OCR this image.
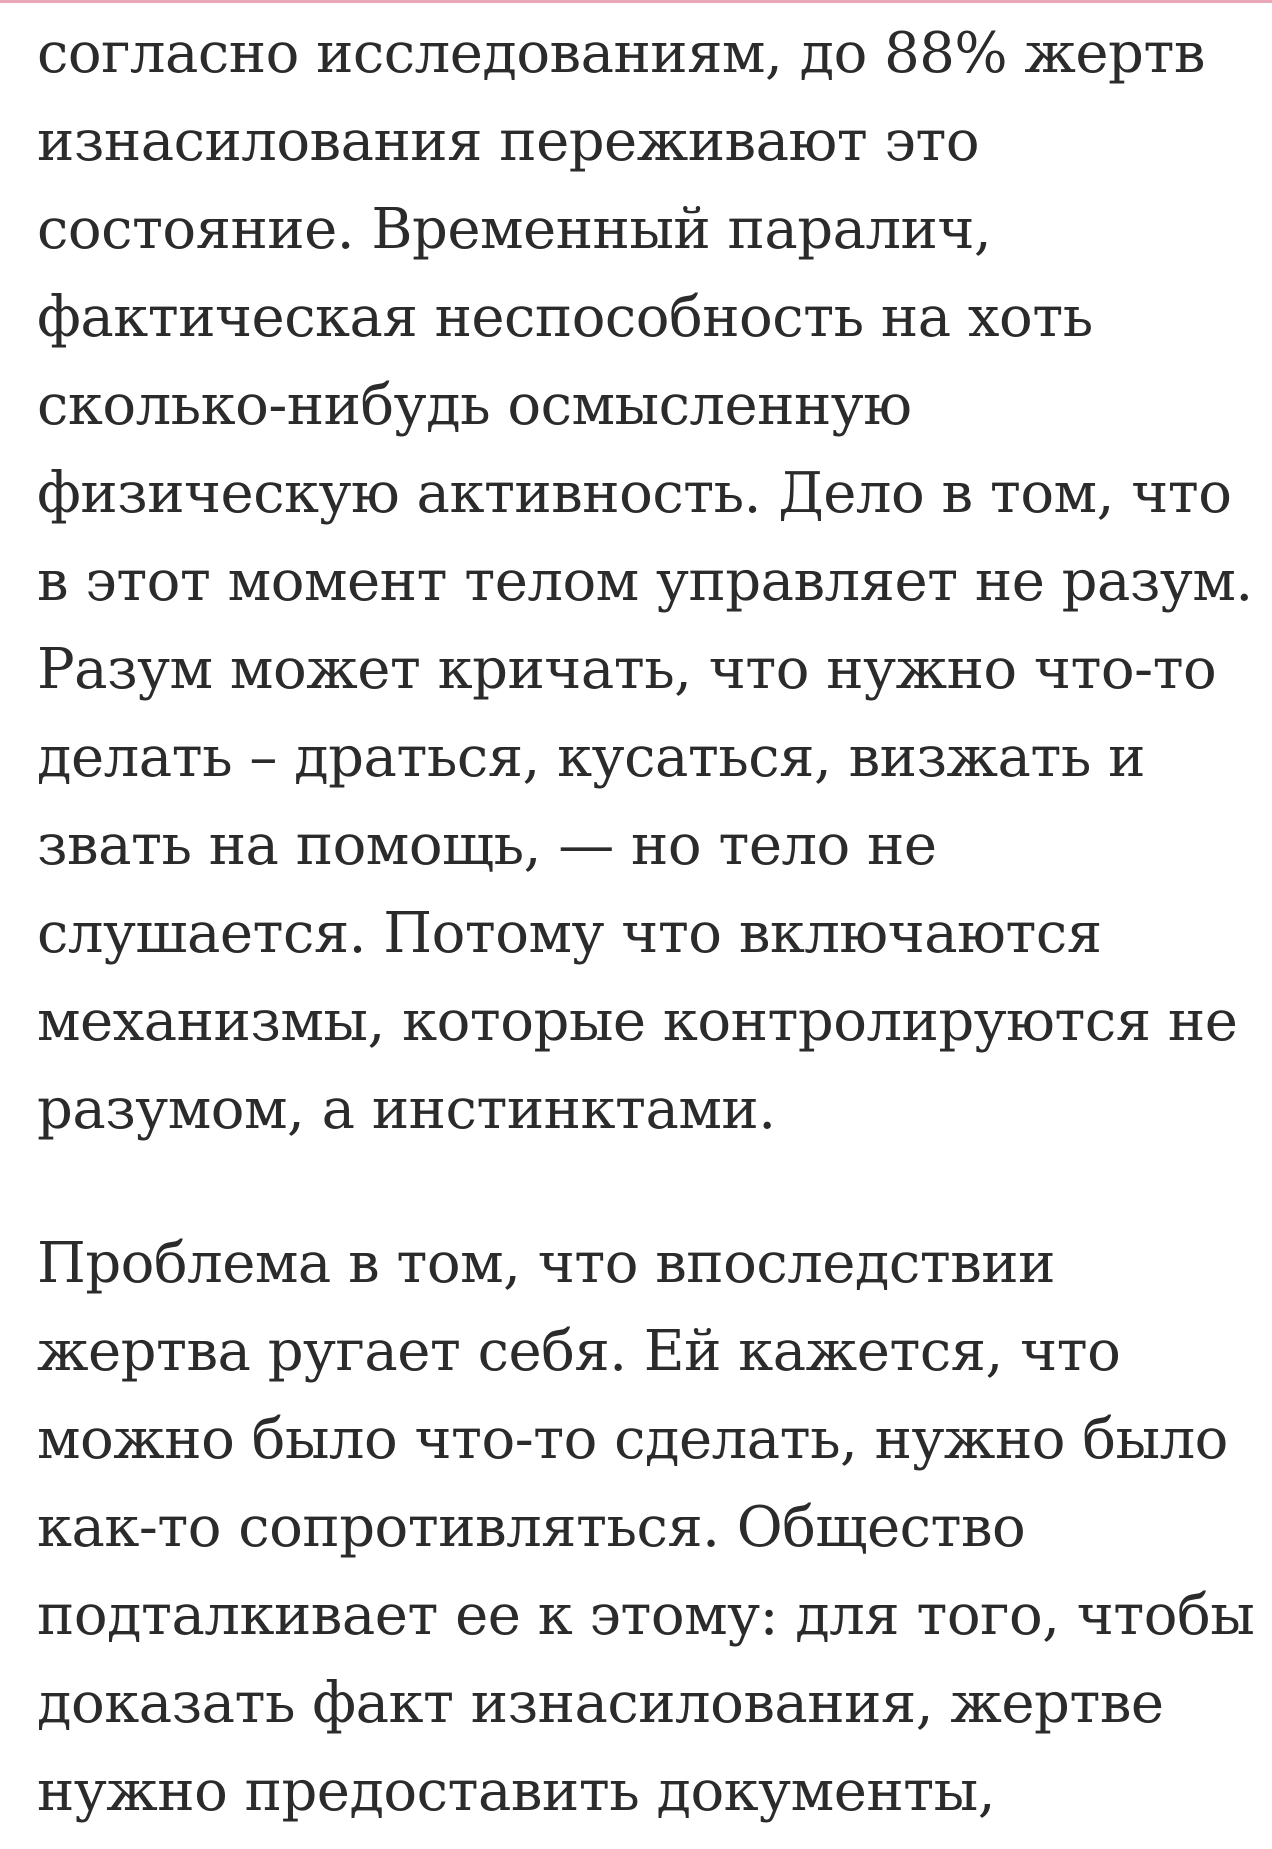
согласно исследованиям, до 88% жертв
изнасилования переживают это
состояние. Временный паралич,
фактическая неспособность на хоть
сколько-нибудь осмысленную
физическую активность. Дело в том, что
в этот момент телом управляет не разум.
Разум может кричать, что нужно что-то
делать – драться, кусаться, визжать и
звать на помощь, — но тело не
слушается. Потому что включаются
механизмы, которые контролируются не
разумом, а инстинктами.

Проблема в том, что впоследствии
жертва ругает себя. Ей кажется, что
можно было что-то сделать, нужно было
как-то сопротивляться. Общество
подталкивает ее к этому: для того, чтобы
доказать факт изнасилования, жертве
нужно предоставить документы,
